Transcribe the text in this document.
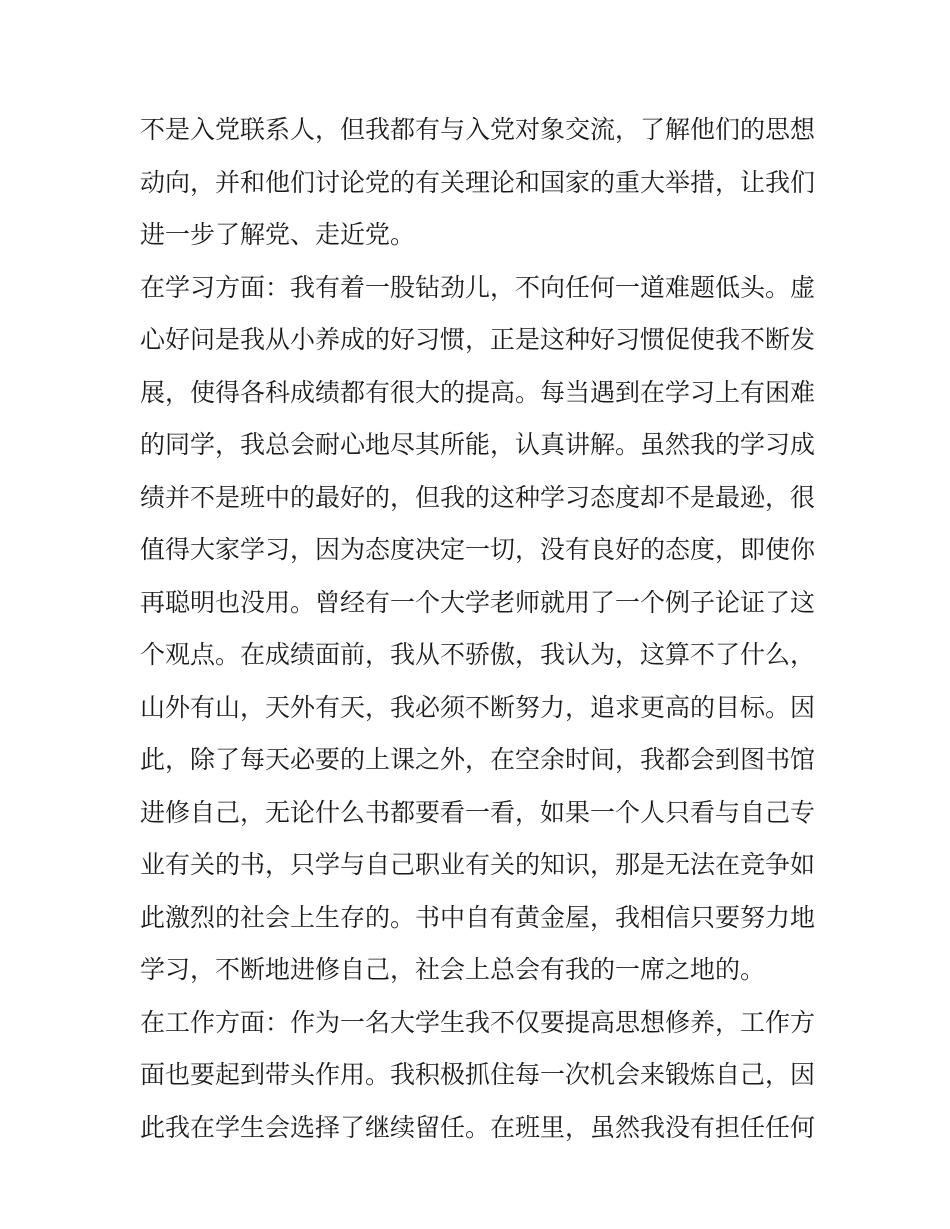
不是入党联系人，但我都有与入党对象交流，了解他们的思想
动向，并和他们讨论党的有关理论和国家的重大举措，让我们
进一步了解党、走近党。
在学习方面：我有着一股钻劲儿，不向任何一道难题低头。虚
心好问是我从小养成的好习惯，正是这种好习惯促使我不断发
展，使得各科成绩都有很大的提高。每当遇到在学习上有困难
的同学，我总会耐心地尽其所能，认真讲解。虽然我的学习成
绩并不是班中的最好的，但我的这种学习态度却不是最逊，很
值得大家学习，因为态度决定一切，没有良好的态度，即使你
再聪明也没用。曾经有一个大学老师就用了一个例子论证了这
个观点。在成绩面前，我从不骄傲，我认为，这算不了什么，
山外有山，天外有天，我必须不断努力，追求更高的目标。因
此，除了每天必要的上课之外，在空余时间，我都会到图书馆
进修自己，无论什么书都要看一看，如果一个人只看与自己专
业有关的书，只学与自己职业有关的知识，那是无法在竞争如
此激烈的社会上生存的。书中自有黄金屋，我相信只要努力地
学习，不断地进修自己，社会上总会有我的一席之地的。
在工作方面：作为一名大学生我不仅要提高思想修养，工作方
面也要起到带头作用。我积极抓住每一次机会来锻炼自己，因
此我在学生会选择了继续留任。在班里，虽然我没有担任任何
